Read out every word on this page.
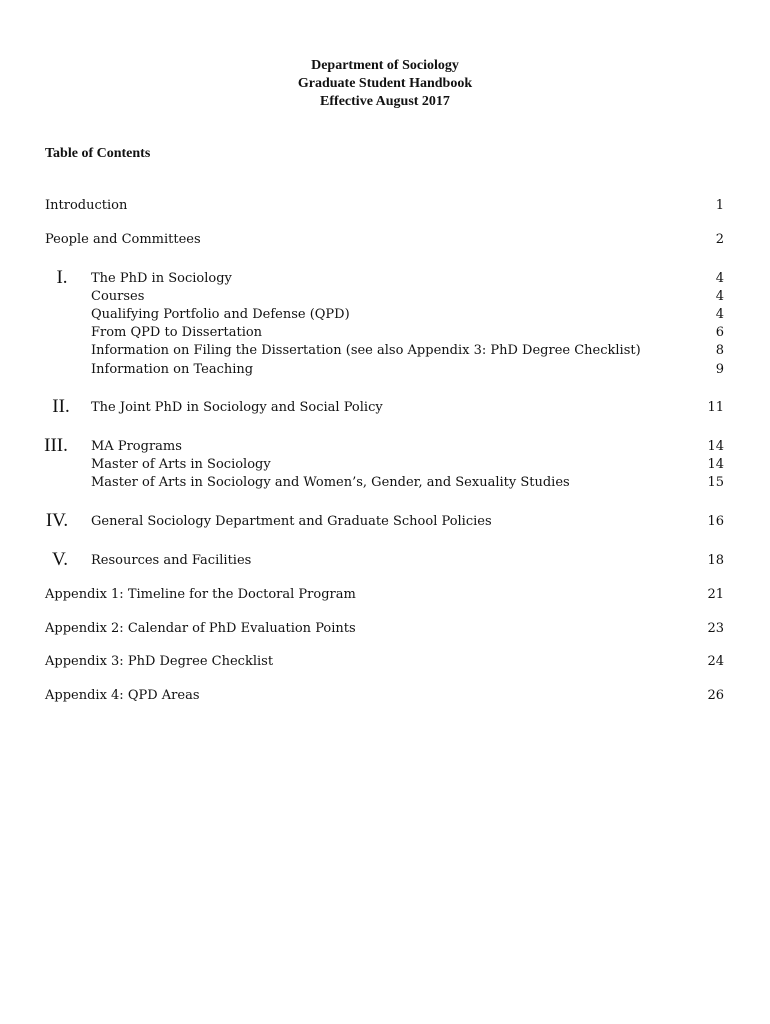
Department of Sociology
Graduate Student Handbook
Effective August 2017
Table of Contents
Introduction	1
People and Committees	2
I.	The PhD in Sociology	4
Courses	4
Qualifying Portfolio and Defense (QPD)	4
From QPD to Dissertation	6
Information on Filing the Dissertation (see also Appendix 3: PhD Degree Checklist)	8
Information on Teaching	9
II.	The Joint PhD in Sociology and Social Policy	11
III.	MA Programs	14
Master of Arts in Sociology	14
Master of Arts in Sociology and Women’s, Gender, and Sexuality Studies	15
IV.	General Sociology Department and Graduate School Policies	16
V.	Resources and Facilities	18
Appendix 1: Timeline for the Doctoral Program	21
Appendix 2: Calendar of PhD Evaluation Points	23
Appendix 3: PhD Degree Checklist	24
Appendix 4: QPD Areas	26
